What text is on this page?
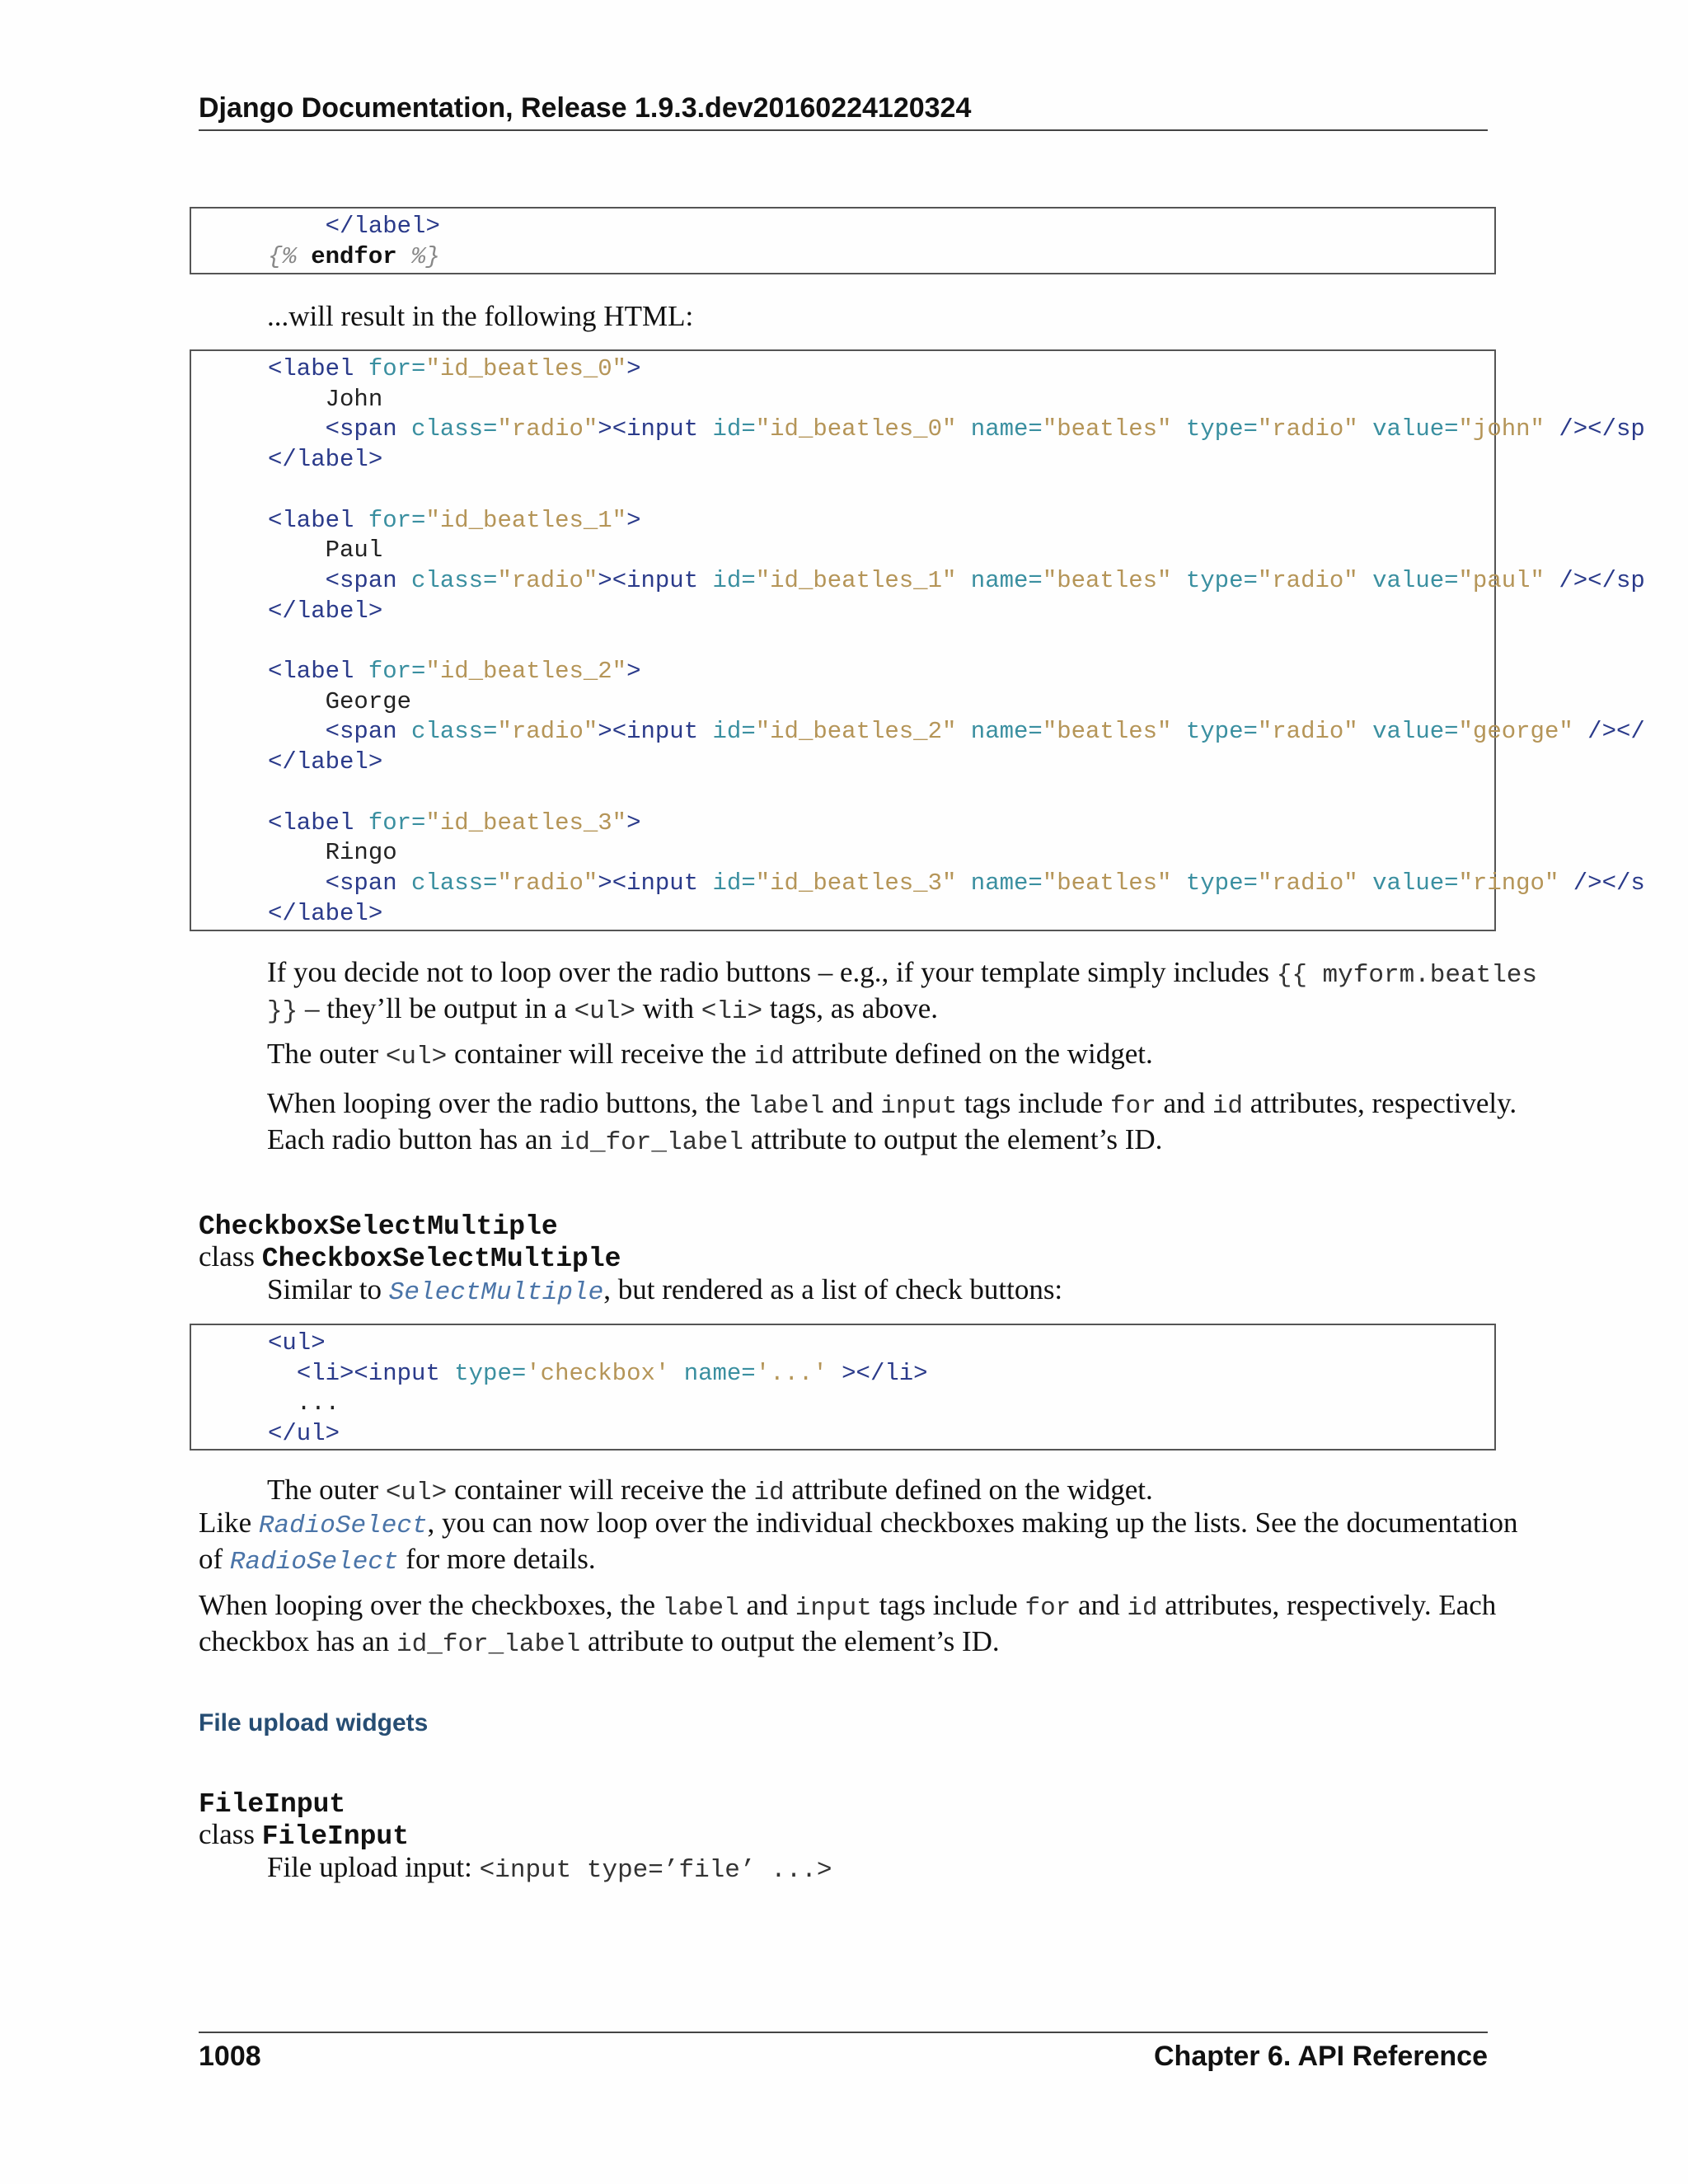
Django Documentation, Release 1.9.3.dev20160224120324
</label>
{% endfor %}
...will result in the following HTML:
<label for="id_beatles_0">
John
<span class="radio"><input id="id_beatles_0" name="beatles" type="radio" value="john" /></sp
</label>

<label for="id_beatles_1">
Paul
<span class="radio"><input id="id_beatles_1" name="beatles" type="radio" value="paul" /></sp
</label>

<label for="id_beatles_2">
George
<span class="radio"><input id="id_beatles_2" name="beatles" type="radio" value="george" /></
</label>

<label for="id_beatles_3">
Ringo
<span class="radio"><input id="id_beatles_3" name="beatles" type="radio" value="ringo" /></s
</label>
If you decide not to loop over the radio buttons – e.g., if your template simply includes {{ myform.beatles
}} – they’ll be output in a <ul> with <li> tags, as above.
The outer <ul> container will receive the id attribute defined on the widget.
When looping over the radio buttons, the label and input tags include for and id attributes, respectively.
Each radio button has an id_for_label attribute to output the element’s ID.
CheckboxSelectMultiple
class CheckboxSelectMultiple
Similar to SelectMultiple, but rendered as a list of check buttons:
<ul>
<li><input type='checkbox' name='...' ></li>
...
</ul>
The outer <ul> container will receive the id attribute defined on the widget.
Like RadioSelect, you can now loop over the individual checkboxes making up the lists. See the documentation
of RadioSelect for more details.
When looping over the checkboxes, the label and input tags include for and id attributes, respectively. Each
checkbox has an id_for_label attribute to output the element’s ID.
File upload widgets
FileInput
class FileInput
File upload input: <input type=’file’ ...>
1008	Chapter 6. API Reference
